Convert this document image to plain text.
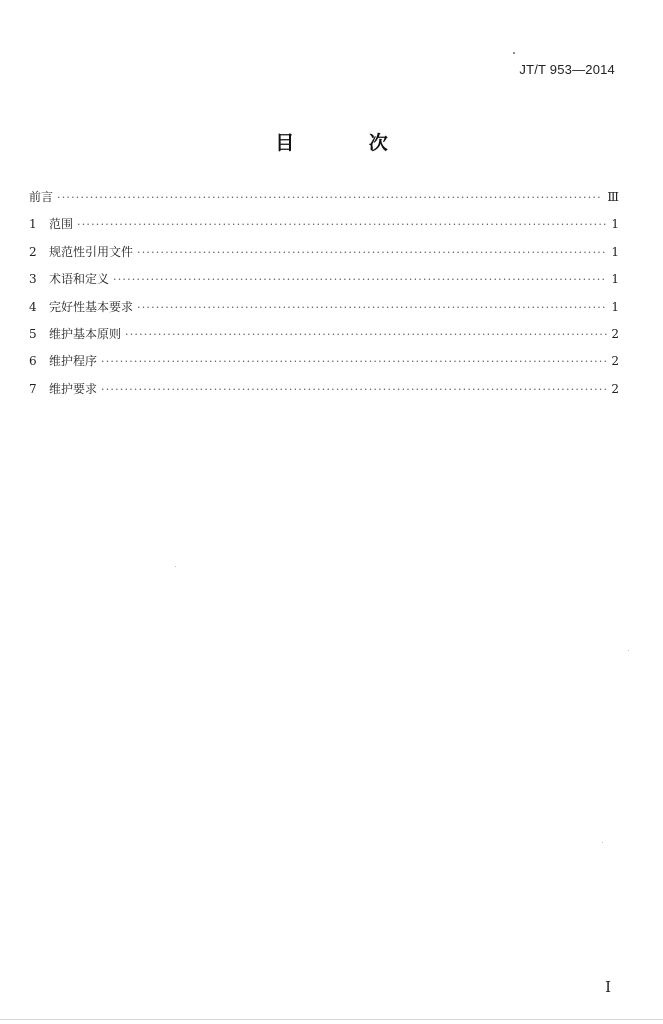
JT/T 953—2014
目 次
前言 ·····	Ⅲ
1	范围 ·····	1
2	规范性引用文件 ·····	1
3	术语和定义 ·····	1
4	完好性基本要求 ·····	1
5	维护基本原则 ·····	2
6	维护程序 ·····	2
7	维护要求 ·····	2
I
